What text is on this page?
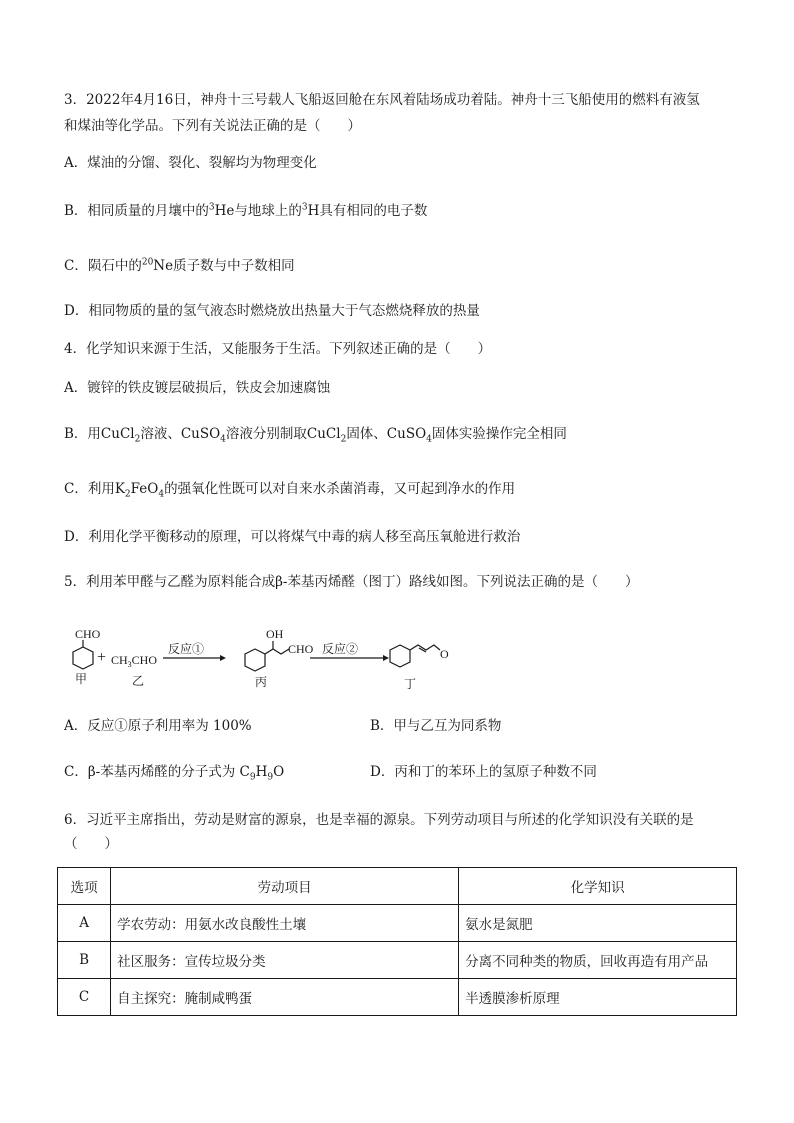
3．2022年4月16日，神舟十三号载人飞船返回舱在东风着陆场成功着陆。神舟十三飞船使用的燃料有液氢
和煤油等化学品。下列有关说法正确的是（　　）
A．煤油的分馏、裂化、裂解均为物理变化
B．相同质量的月壤中的$^3$He与地球上的$^3$H具有相同的电子数
C．陨石中的$^{20}$Ne质子数与中子数相同
D．相同物质的量的氢气液态时燃烧放出热量大于气态燃烧释放的热量
4．化学知识来源于生活，又能服务于生活。下列叙述正确的是（　　）
A．镀锌的铁皮镀层破损后，铁皮会加速腐蚀
B．用CuCl$_2$溶液、CuSO$_4$溶液分别制取CuCl$_2$固体、CuSO$_4$固体实验操作完全相同
C．利用$K_2FeO_4$的强氧化性既可以对自来水杀菌消毒，又可起到净水的作用
D．利用化学平衡移动的原理，可以将煤气中毒的病人移至高压氧舱进行救治
5．利用苯甲醛与乙醛为原料能合成β-苯基丙烯醛（图丁）路线如图。下列说法正确的是（　　）
CHO
+ $CH_3CHO$
甲	乙
反应①
OH
CHO
丙
反应②	O
丁
A．反应①原子利用率为 100%	B．甲与乙互为同系物
C．β-苯基丙烯醛的分子式为 $C_9H_9O$	D．丙和丁的苯环上的氢原子种数不同
6．习近平主席指出，劳动是财富的源泉，也是幸福的源泉。下列劳动项目与所述的化学知识没有关联的是
（　　）
选项	劳动项目	化学知识
A	学农劳动：用氨水改良酸性土壤	氨水是氮肥
B	社区服务：宣传垃圾分类	分离不同种类的物质，回收再造有用产品
C	自主探究：腌制咸鸭蛋	半透膜渗析原理
